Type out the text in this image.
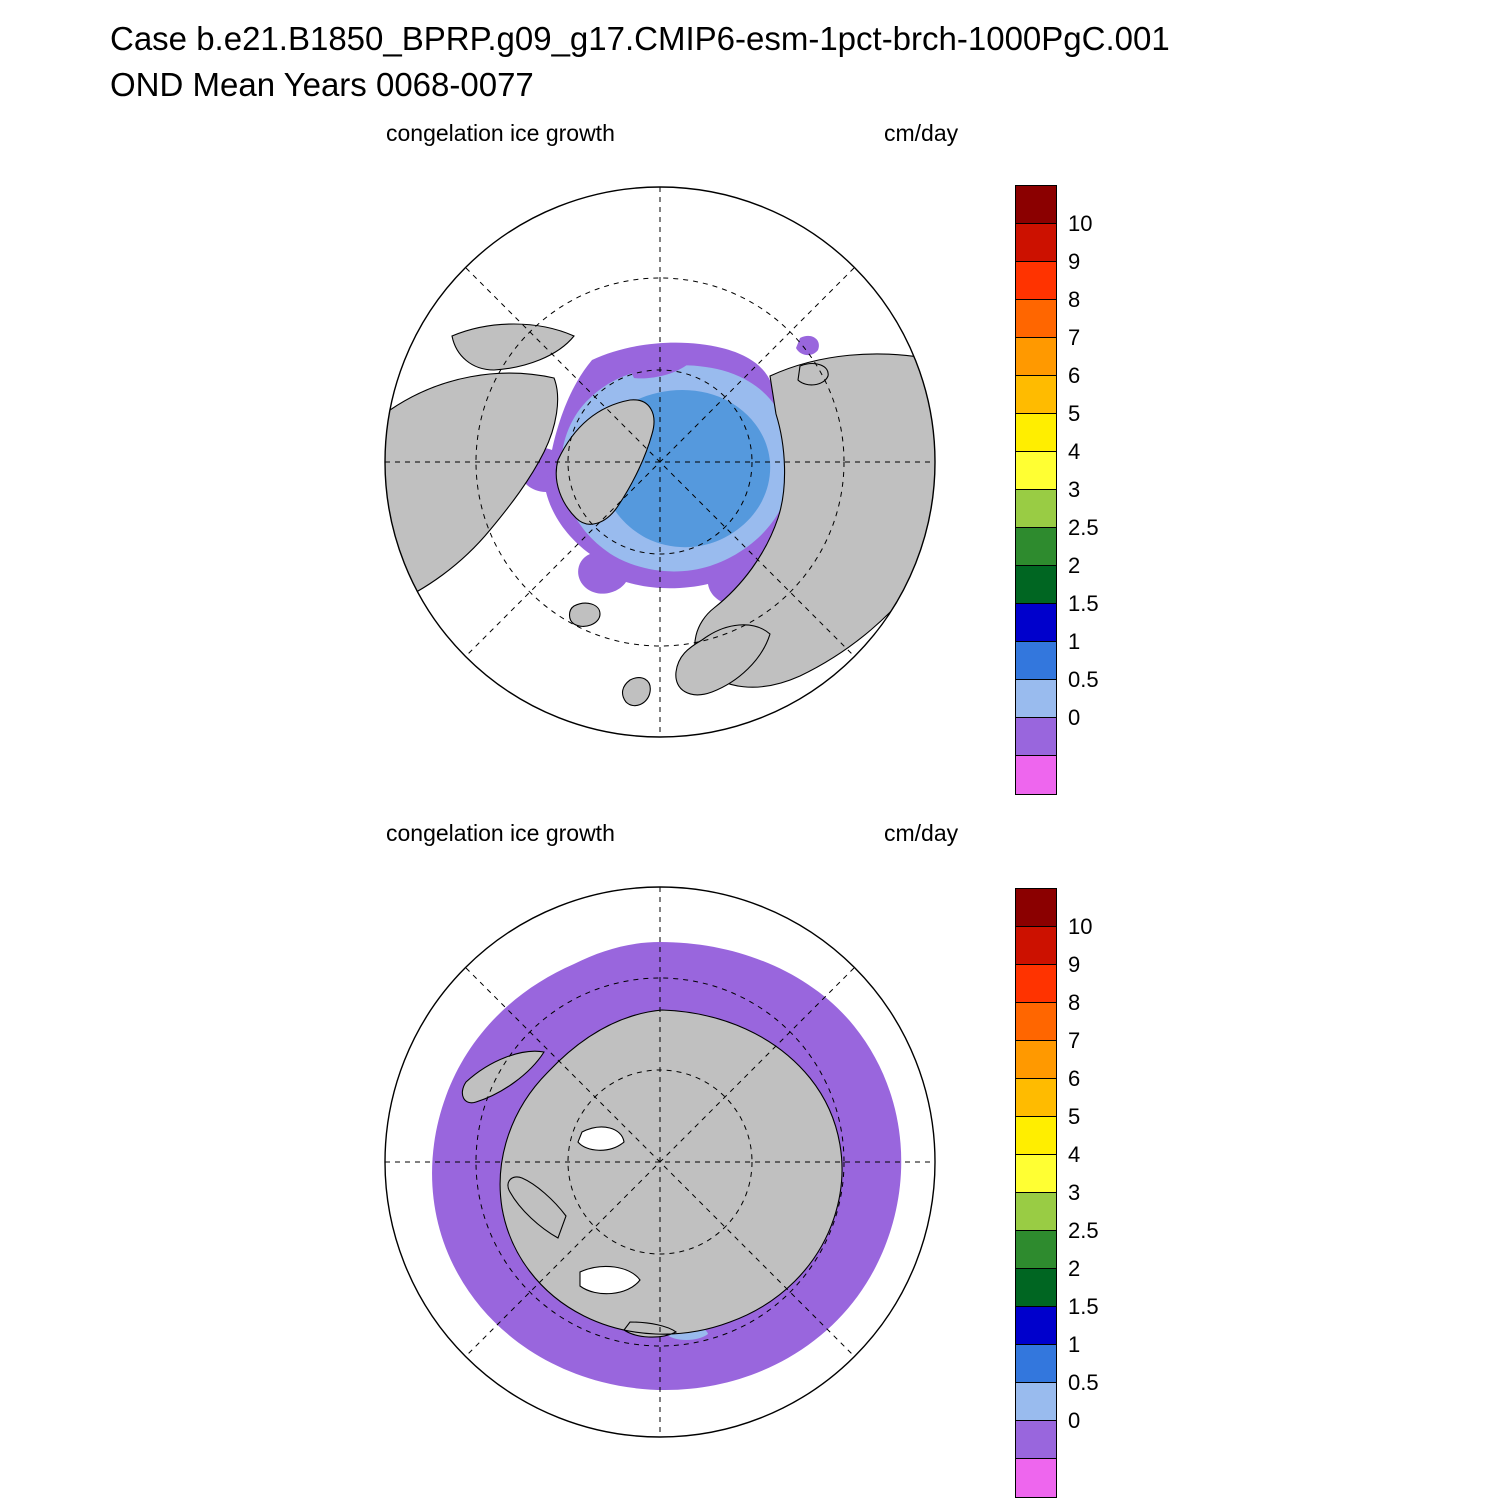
Case b.e21.B1850_BPRP.g09_g17.CMIP6-esm-1pct-brch-1000PgC.001
OND Mean Years 0068-0077
congelation ice growth	cm/day
10
9
8
7
6
5
4
3
2.5
2
1.5
1
0.5
0
congelation ice growth	cm/day
10
9
8
7
6
5
4
3
2.5
2
1.5
1
0.5
0
